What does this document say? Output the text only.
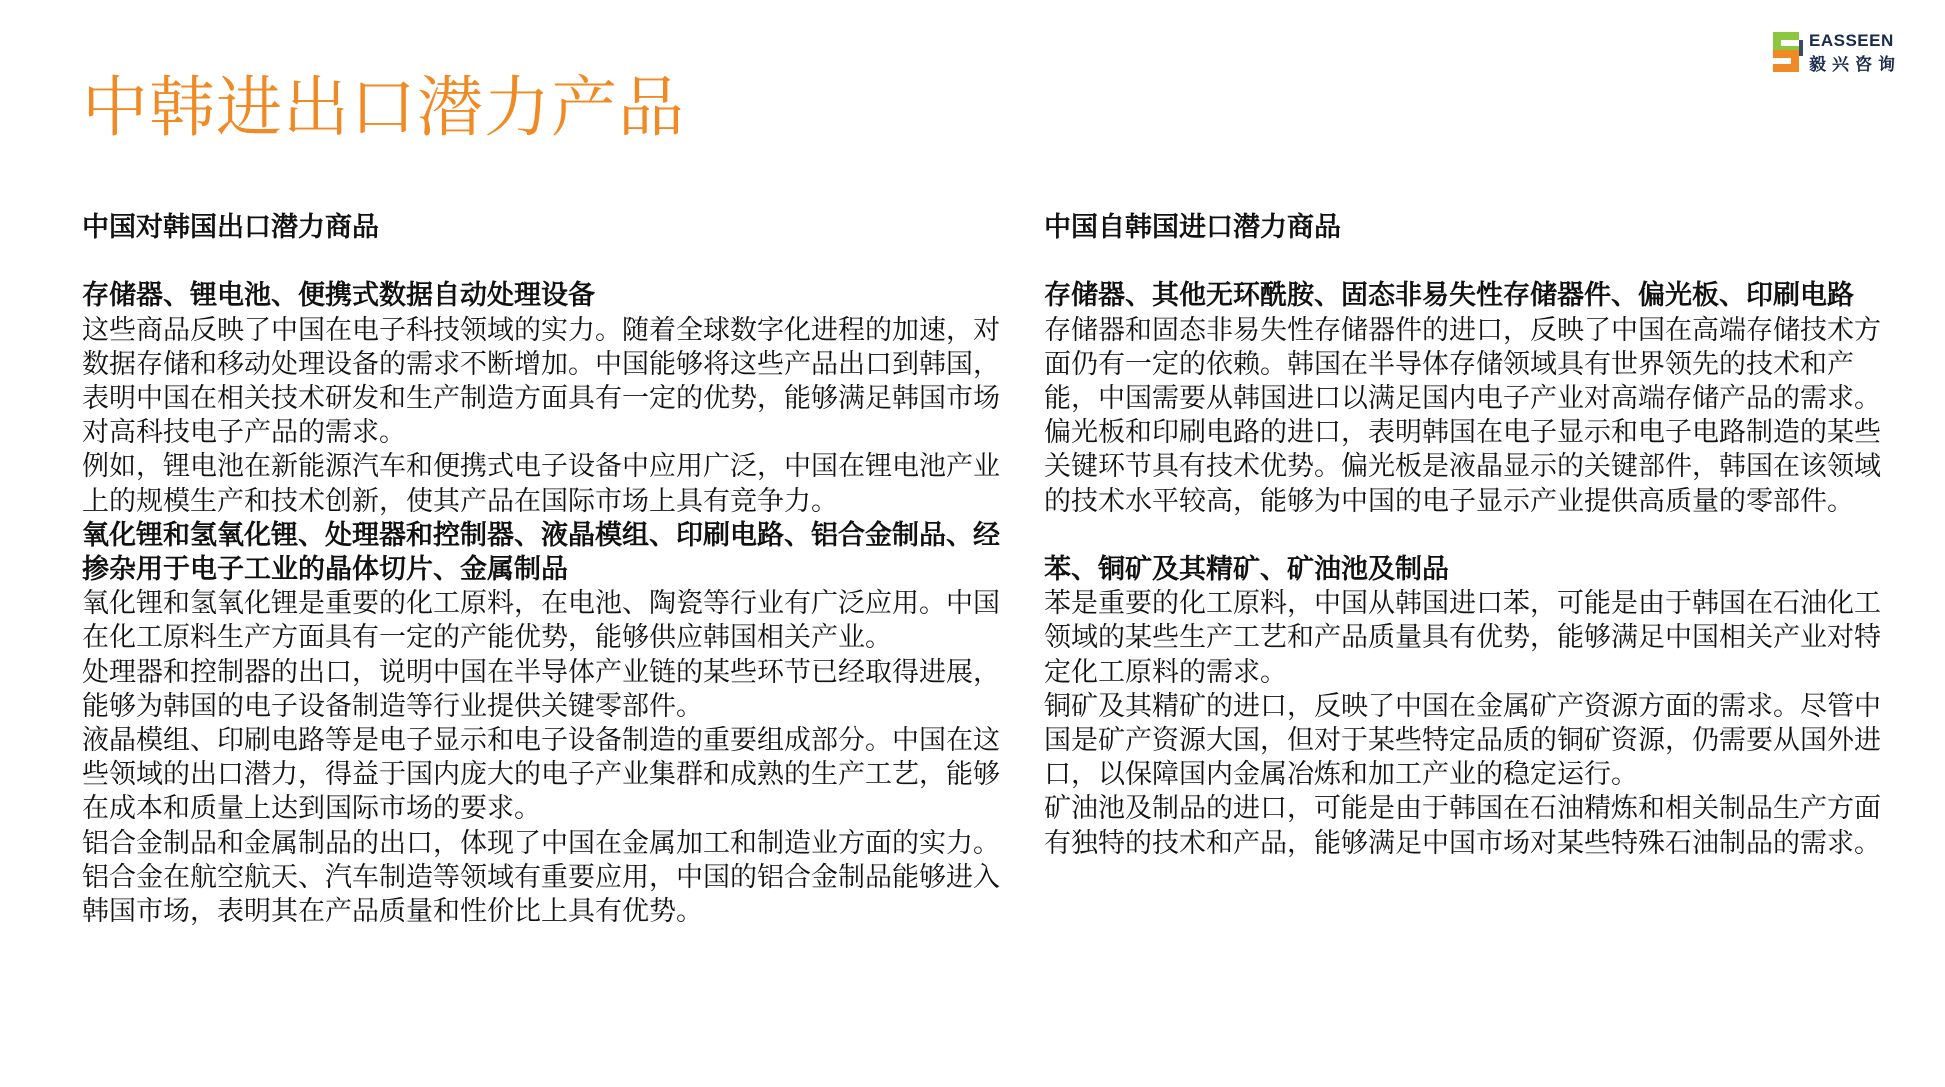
中韩进出口潜力产品
EASSEEN
毅兴咨询
中国对韩国出口潜力商品
存储器、锂电池、便携式数据自动处理设备

这些商品反映了中国在电子科技领域的实力。随着全球数字化进程的加速，对数据存储和移动处理设备的需求不断增加。中国能够将这些产品出口到韩国，表明中国在相关技术研发和生产制造方面具有一定的优势，能够满足韩国市场对高科技电子产品的需求。

例如，锂电池在新能源汽车和便携式电子设备中应用广泛，中国在锂电池产业上的规模生产和技术创新，使其产品在国际市场上具有竞争力。

氧化锂和氢氧化锂、处理器和控制器、液晶模组、印刷电路、铝合金制品、经掺杂用于电子工业的晶体切片、金属制品

氧化锂和氢氧化锂是重要的化工原料，在电池、陶瓷等行业有广泛应用。中国在化工原料生产方面具有一定的产能优势，能够供应韩国相关产业。

处理器和控制器的出口，说明中国在半导体产业链的某些环节已经取得进展，能够为韩国的电子设备制造等行业提供关键零部件。

液晶模组、印刷电路等是电子显示和电子设备制造的重要组成部分。中国在这些领域的出口潜力，得益于国内庞大的电子产业集群和成熟的生产工艺，能够在成本和质量上达到国际市场的要求。

铝合金制品和金属制品的出口，体现了中国在金属加工和制造业方面的实力。铝合金在航空航天、汽车制造等领域有重要应用，中国的铝合金制品能够进入韩国市场，表明其在产品质量和性价比上具有优势。

中国自韩国进口潜力商品
存储器、其他无环酰胺、固态非易失性存储器件、偏光板、印刷电路

存储器和固态非易失性存储器件的进口，反映了中国在高端存储技术方面仍有一定的依赖。韩国在半导体存储领域具有世界领先的技术和产能，中国需要从韩国进口以满足国内电子产业对高端存储产品的需求。

偏光板和印刷电路的进口，表明韩国在电子显示和电子电路制造的某些关键环节具有技术优势。偏光板是液晶显示的关键部件，韩国在该领域的技术水平较高，能够为中国的电子显示产业提供高质量的零部件。

苯、铜矿及其精矿、矿油池及制品

苯是重要的化工原料，中国从韩国进口苯，可能是由于韩国在石油化工领域的某些生产工艺和产品质量具有优势，能够满足中国相关产业对特定化工原料的需求。

铜矿及其精矿的进口，反映了中国在金属矿产资源方面的需求。尽管中国是矿产资源大国，但对于某些特定品质的铜矿资源，仍需要从国外进口，以保障国内金属冶炼和加工产业的稳定运行。

矿油池及制品的进口，可能是由于韩国在石油精炼和相关制品生产方面有独特的技术和产品，能够满足中国市场对某些特殊石油制品的需求。
